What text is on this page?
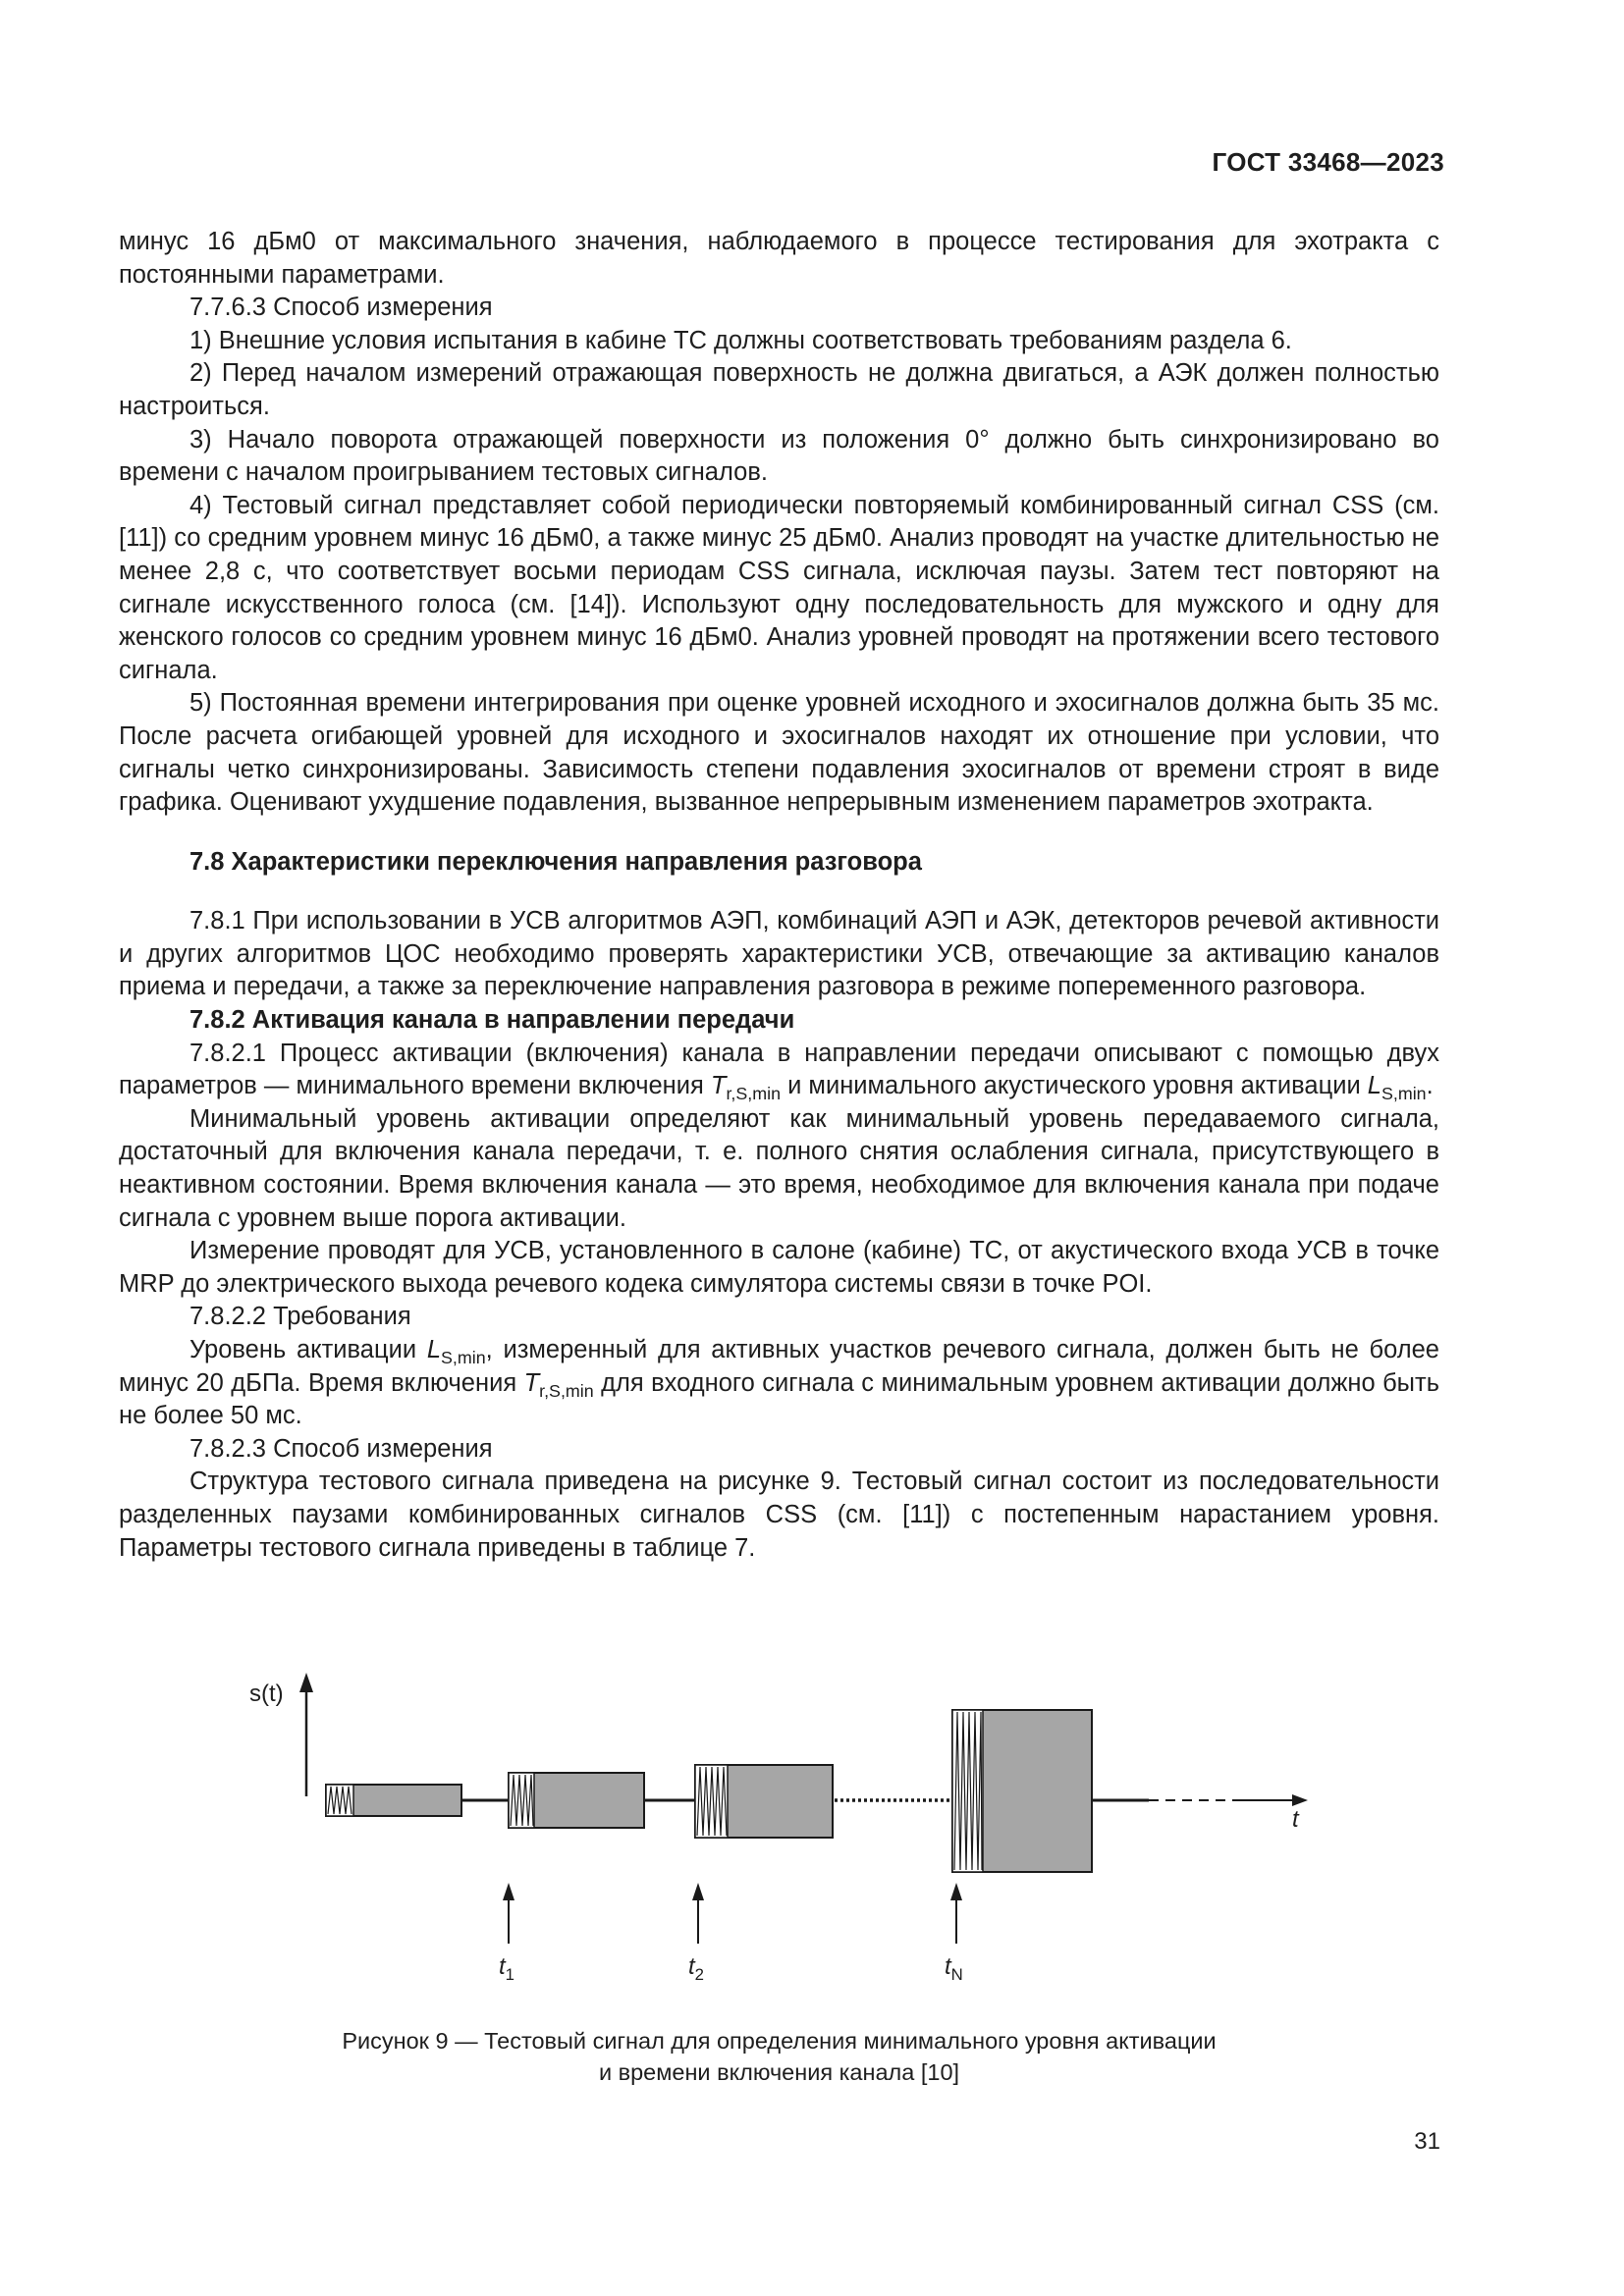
ГОСТ 33468—2023

минус 16 дБм0 от максимального значения, наблюдаемого в процессе тестирования для эхотракта с постоянными параметрами.

7.7.6.3 Способ измерения

1) Внешние условия испытания в кабине ТС должны соответствовать требованиям раздела 6.

2) Перед началом измерений отражающая поверхность не должна двигаться, а АЭК должен полностью настроиться.

3) Начало поворота отражающей поверхности из положения 0° должно быть синхронизировано во времени с началом проигрыванием тестовых сигналов.

4) Тестовый сигнал представляет собой периодически повторяемый комбинированный сигнал CSS (см. [11]) со средним уровнем минус 16 дБм0, а также минус 25 дБм0. Анализ проводят на участке длительностью не менее 2,8 с, что соответствует восьми периодам CSS сигнала, исключая паузы. Затем тест повторяют на сигнале искусственного голоса (см. [14]). Используют одну последовательность для мужского и одну для женского голосов со средним уровнем минус 16 дБм0. Анализ уровней проводят на протяжении всего тестового сигнала.

5) Постоянная времени интегрирования при оценке уровней исходного и эхосигналов должна быть 35 мс. После расчета огибающей уровней для исходного и эхосигналов находят их отношение при условии, что сигналы четко синхронизированы. Зависимость степени подавления эхосигналов от времени строят в виде графика. Оценивают ухудшение подавления, вызванное непрерывным изменением параметров эхотракта.

7.8 Характеристики переключения направления разговора

7.8.1 При использовании в УСВ алгоритмов АЭП, комбинаций АЭП и АЭК, детекторов речевой активности и других алгоритмов ЦОС необходимо проверять характеристики УСВ, отвечающие за активацию каналов приема и передачи, а также за переключение направления разговора в режиме попеременного разговора.

7.8.2 Активация канала в направлении передачи

7.8.2.1 Процесс активации (включения) канала в направлении передачи описывают с помощью двух параметров — минимального времени включения $T_{r,S,min}$ и минимального акустического уровня активации $L_{S,min}$.

Минимальный уровень активации определяют как минимальный уровень передаваемого сигнала, достаточный для включения канала передачи, т. е. полного снятия ослабления сигнала, присутствующего в неактивном состоянии. Время включения канала — это время, необходимое для включения канала при подаче сигнала с уровнем выше порога активации.

Измерение проводят для УСВ, установленного в салоне (кабине) ТС, от акустического входа УСВ в точке MRP до электрического выхода речевого кодека симулятора системы связи в точке POI.

7.8.2.2 Требования

Уровень активации $L_{S,min}$, измеренный для активных участков речевого сигнала, должен быть не более минус 20 дБПа. Время включения $T_{r,S,min}$ для входного сигнала с минимальным уровнем активации должно быть не более 50 мс.

7.8.2.3 Способ измерения

Структура тестового сигнала приведена на рисунке 9. Тестовый сигнал состоит из последовательности разделенных паузами комбинированных сигналов CSS (см. [11]) с постепенным нарастанием уровня. Параметры тестового сигнала приведены в таблице 7.

s(t)
t
$t_1$	$t_2$	$t_N$
Рисунок 9 — Тестовый сигнал для определения минимального уровня активации
и времени включения канала [10]
31
